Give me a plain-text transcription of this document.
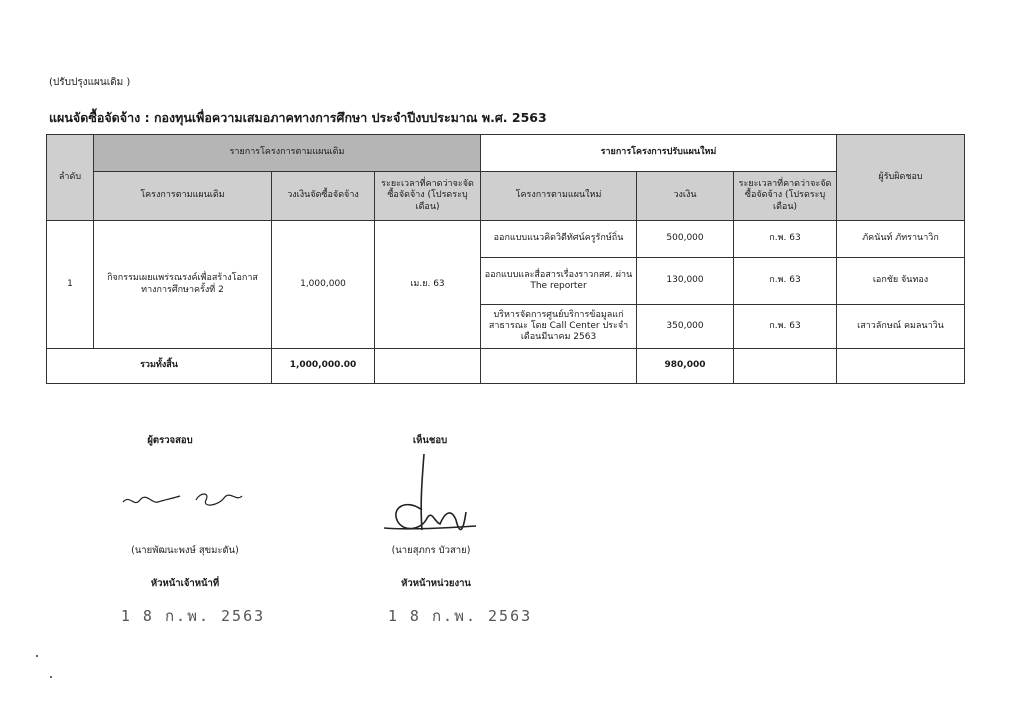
(ปรับปรุงแผนเดิม )
แผนจัดซื้อจัดจ้าง : กองทุนเพื่อความเสมอภาคทางการศึกษา ประจำปีงบประมาณ พ.ศ. 2563
ลำดับ	รายการโครงการตามแผนเดิม			รายการโครงการปรับแผนใหม่			ผู้รับผิดชอบ
	โครงการตามแผนเดิม	วงเงินจัดซื้อจัดจ้าง	ระยะเวลาที่คาดว่าจะจัดซื้อจัดจ้าง (โปรดระบุเดือน)	โครงการตามแผนใหม่	วงเงิน	ระยะเวลาที่คาดว่าจะจัดซื้อจัดจ้าง (โปรดระบุเดือน)	
1	กิจกรรมเผยแพร่รณรงค์เพื่อสร้างโอกาสทางการศึกษาครั้งที่ 2	1,000,000	เม.ย. 63	ออกแบบแนวคิดวิดีทัศน์ครูรักษ์ถิ่น	500,000	ก.พ. 63	ภัคนันท์ ภัทรานาวิก
				ออกแบบและสื่อสารเรื่องราวกสศ. ผ่าน The reporter	130,000	ก.พ. 63	เอกชัย จันทอง
				บริหารจัดการศูนย์บริการข้อมูลแก่สาธารณะ โดย Call Center ประจำเดือนมีนาคม 2563	350,000	ก.พ. 63	เสาวลักษณ์ คมลนาวิน
รวมทั้งสิ้น		1,000,000.00			980,000		
ผู้ตรวจสอบ
(นายพัฒนะพงษ์ สุขมะดัน)
หัวหน้าเจ้าหน้าที่
1 8 ก.พ. 2563
เห็นชอบ
(นายสุภกร บัวสาย)
หัวหน้าหน่วยงาน
1 8 ก.พ. 2563
